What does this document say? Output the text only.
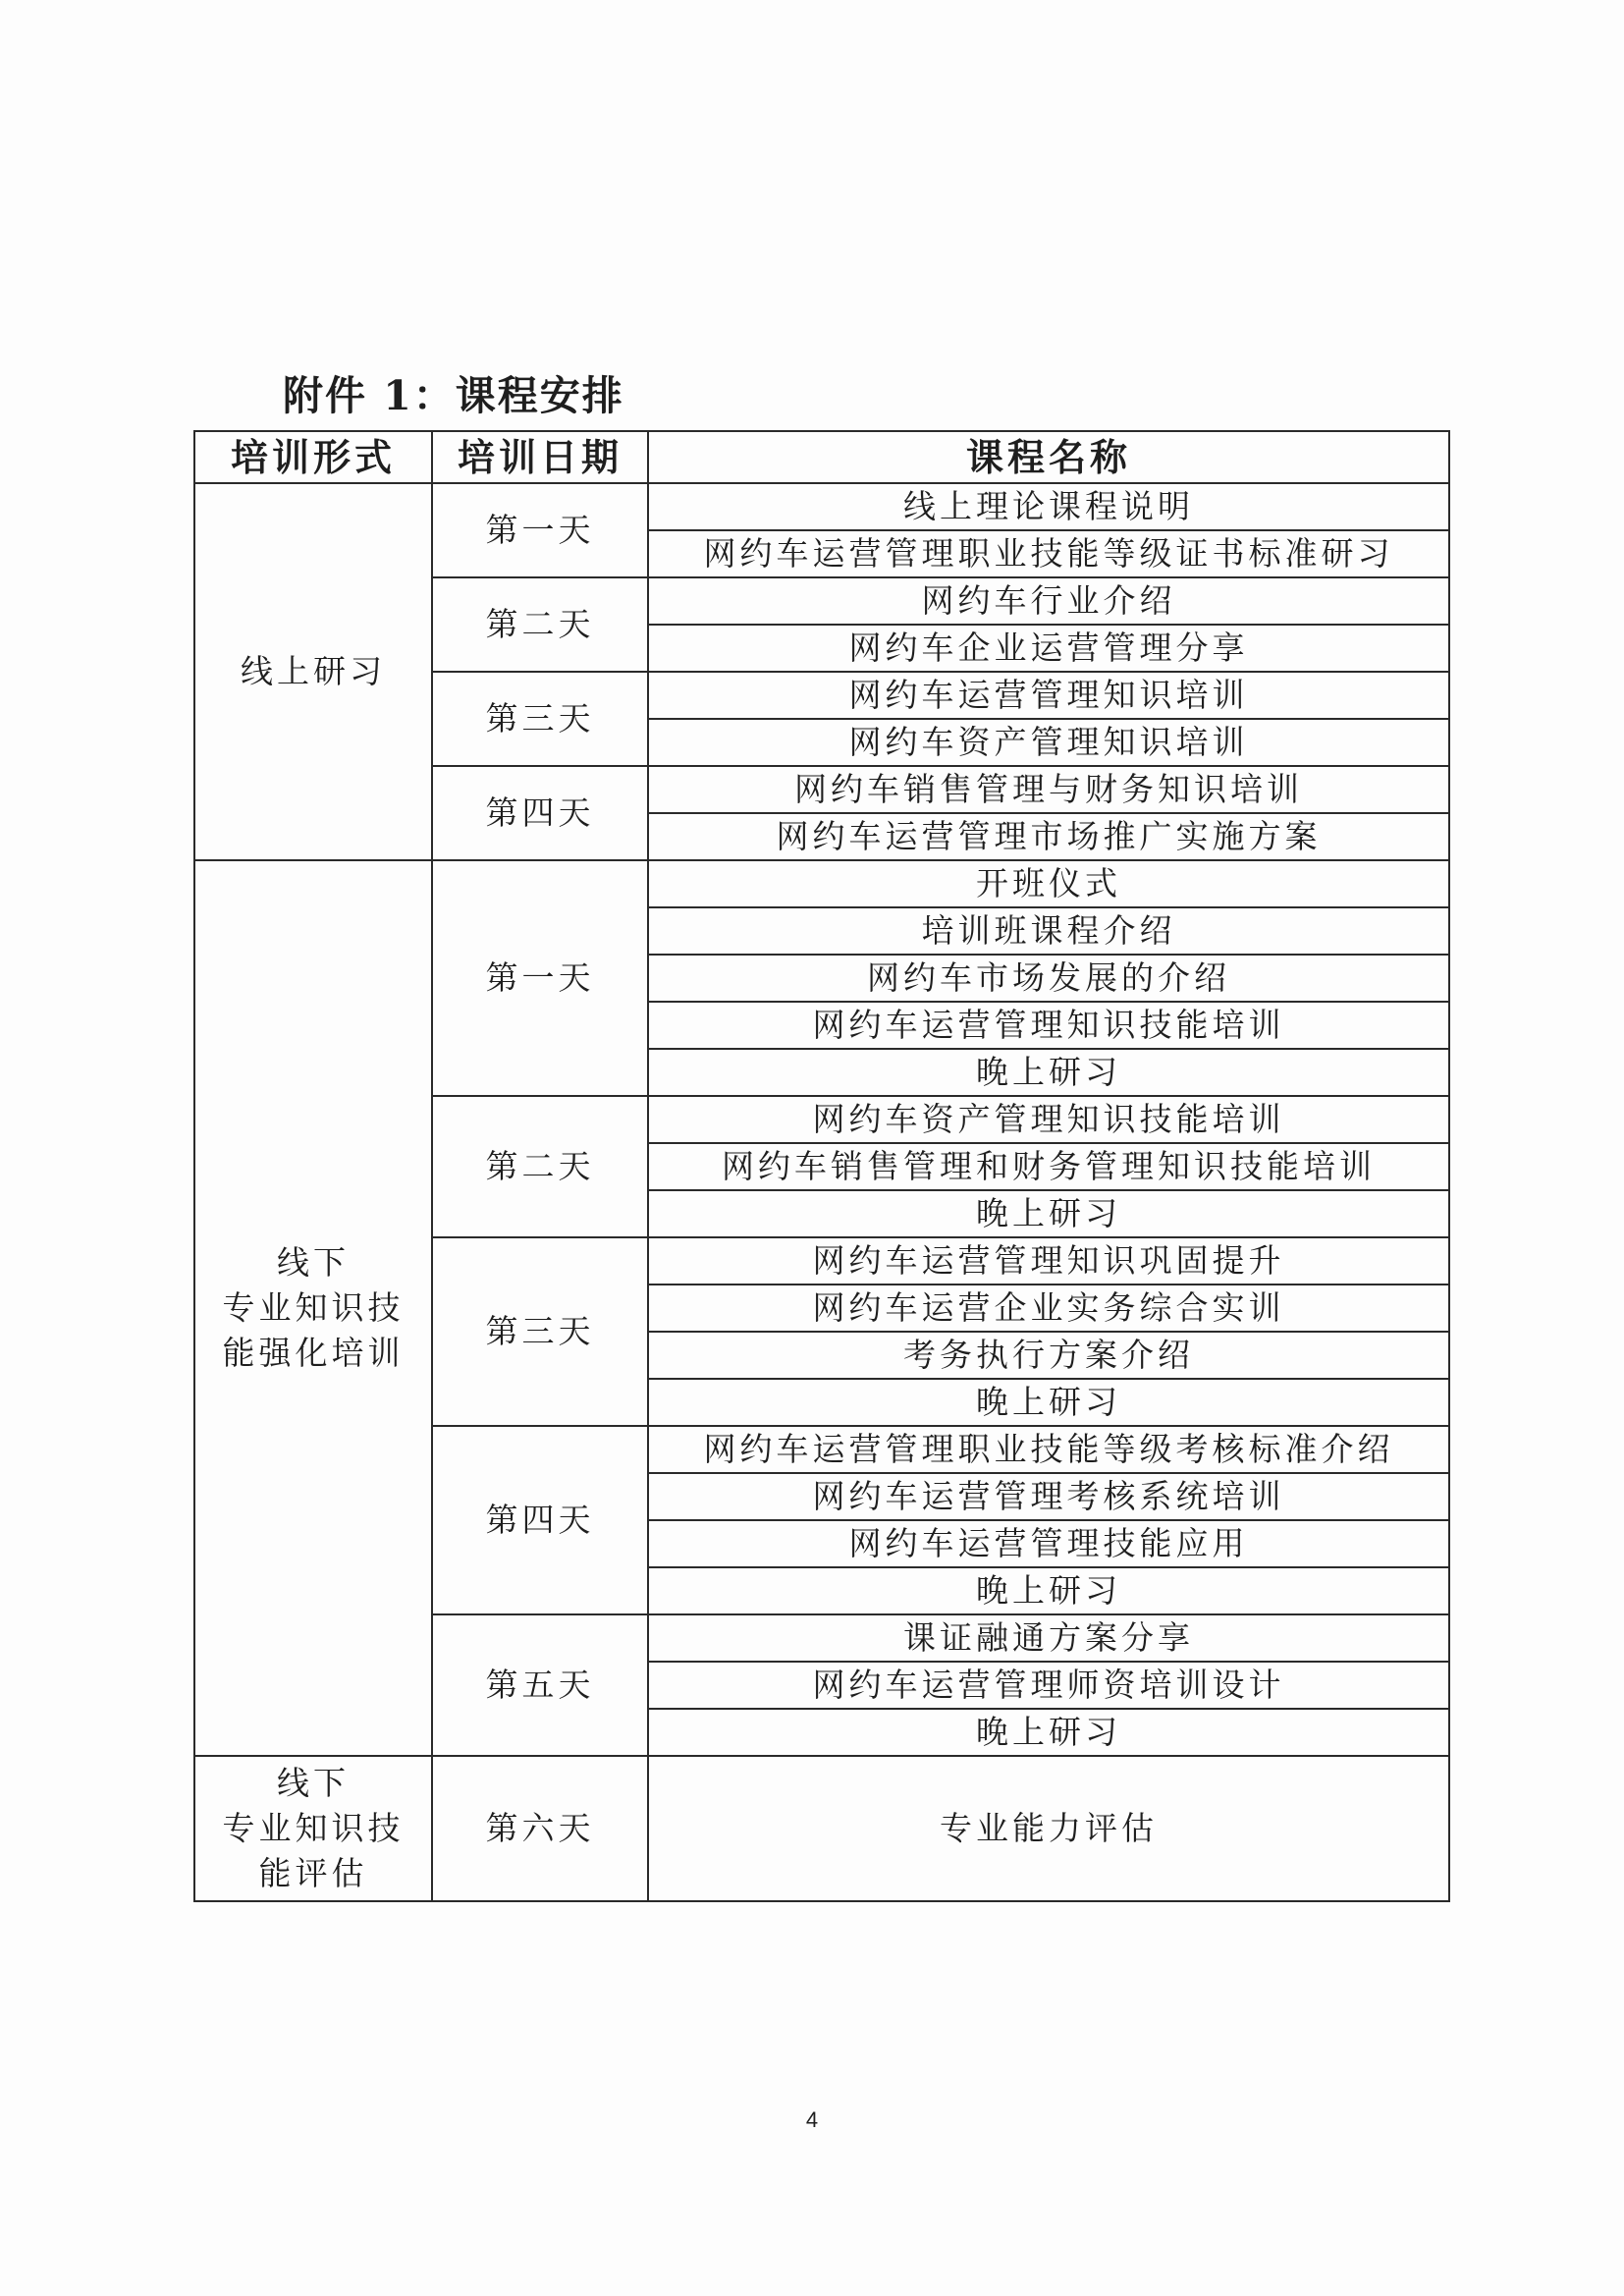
附件 1：课程安排
培训形式	培训日期	课程名称
线上研习	第一天	线上理论课程说明
		网约车运营管理职业技能等级证书标准研习
	第二天	网约车行业介绍
		网约车企业运营管理分享
	第三天	网约车运营管理知识培训
		网约车资产管理知识培训
	第四天	网约车销售管理与财务知识培训
		网约车运营管理市场推广实施方案
线下
专业知识技
能强化培训	第一天	开班仪式
		培训班课程介绍
		网约车市场发展的介绍
		网约车运营管理知识技能培训
		晚上研习
	第二天	网约车资产管理知识技能培训
		网约车销售管理和财务管理知识技能培训
		晚上研习
	第三天	网约车运营管理知识巩固提升
		网约车运营企业实务综合实训
		考务执行方案介绍
		晚上研习
	第四天	网约车运营管理职业技能等级考核标准介绍
		网约车运营管理考核系统培训
		网约车运营管理技能应用
		晚上研习
	第五天	课证融通方案分享
		网约车运营管理师资培训设计
		晚上研习
线下
专业知识技
能评估	第六天	专业能力评估
4
